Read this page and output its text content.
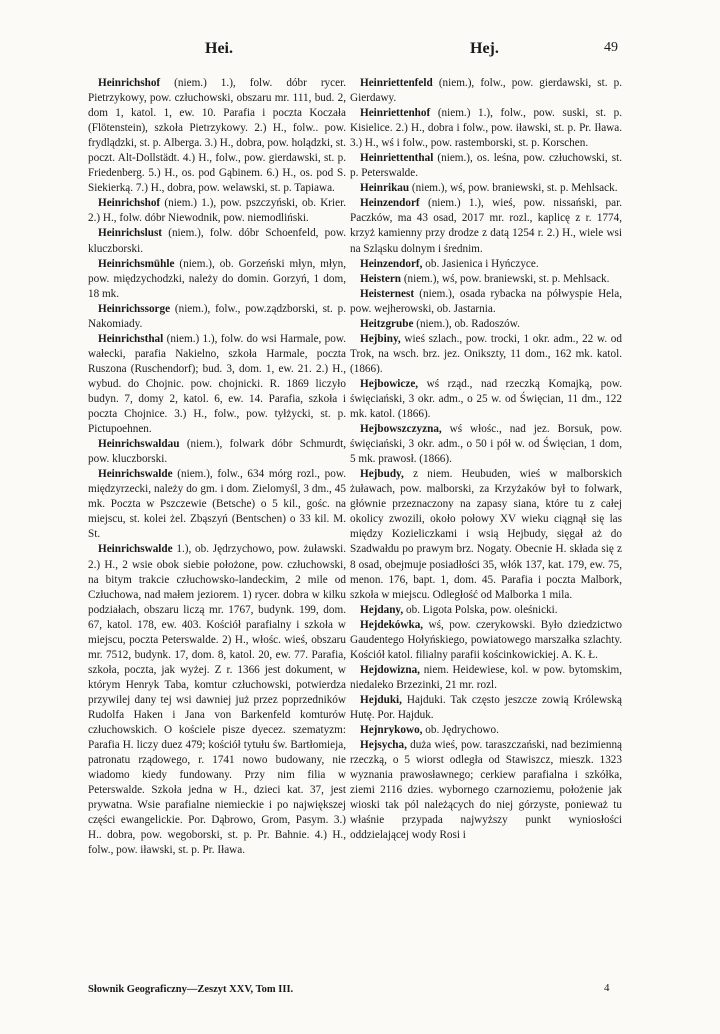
Hei.	Hej.	49

Heinrichshof (niem.) 1.), folw. dóbr rycer. Pietrzykowy, pow. człuchowski, obszaru mr. 111, bud. 2, dom 1, katol. 1, ew. 10. Parafia i poczta Koczała (Flötenstein), szkoła Pietrzykowy. 2.) H., folw.. pow. frydlądzki, st. p. Alberga. 3.) H., dobra, pow. holądzki, st. poczt. Alt-Dollstädt. 4.) H., folw., pow. gierdawski, st. p. Friedenberg. 5.) H., os. pod Gąbinem. 6.) H., os. pod S. Siekierką. 7.) H., dobra, pow. welawski, st. p. Tapiawa.

Heinrichshof (niem.) 1.), pow. pszczyński, ob. Krier. 2.) H., folw. dóbr Niewodnik, pow. niemodliński.

Heinrichslust (niem.), folw. dóbr Schoenfeld, pow. kluczborski.

Heinrichsmühle (niem.), ob. Gorzeński młyn, młyn, pow. międzychodzki, należy do domin. Gorzyń, 1 dom, 18 mk.

Heinrichssorge (niem.), folw., pow.ządzborski, st. p. Nakomiady.

Heinrichsthal (niem.) 1.), folw. do wsi Harmale, pow. wałecki, parafia Nakielno, szkoła Harmale, poczta Ruszona (Ruschendorf); bud. 3, dom. 1, ew. 21. 2.) H., wybud. do Chojnic. pow. chojnicki. R. 1869 liczyło budyn. 7, domy 2, katol. 6, ew. 14. Parafia, szkoła i poczta Chojnice. 3.) H., folw., pow. tyłżycki, st. p. Pictupoehnen.

Heinrichswaldau (niem.), folwark dóbr Schmurdt, pow. kluczborski.

Heinrichswalde (niem.), folw., 634 mórg rozl., pow. międzyrzecki, należy do gm. i dom. Zielomyśl, 3 dm., 45 mk. Poczta w Pszczewie (Betsche) o 5 kil., gośc. na miejscu, st. kolei żel. Zbąszyń (Bentschen) o 33 kil. M. St.

Heinrichswalde 1.), ob. Jędrzychowo, pow. żuławski. 2.) H., 2 wsie obok siebie położone, pow. człuchowski, na bitym trakcie człuchowsko-landeckim, 2 mile od Człuchowa, nad małem jeziorem. 1) rycer. dobra w kilku podziałach, obszaru liczą mr. 1767, budynk. 199, dom. 67, katol. 178, ew. 403. Kościół parafialny i szkoła w miejscu, poczta Peterswalde. 2) H., włośc. wieś, obszaru mr. 7512, budynk. 17, dom. 8, katol. 20, ew. 77. Parafia, szkoła, poczta, jak wyżej. Z r. 1366 jest dokument, w którym Henryk Taba, komtur człuchowski, potwierdza przywilej dany tej wsi dawniej już przez poprzedników Rudolfa Haken i Jana von Barkenfeld komturów człuchowskich. O kościele pisze dyecez. szematyzm: Parafia H. liczy duez 479; kościół tytułu św. Bartłomieja, patronatu rządowego, r. 1741 nowo budowany, nie wiadomo kiedy fundowany. Przy nim filia w Peterswalde. Szkoła jedna w H., dzieci kat. 37, jest prywatna. Wsie parafialne niemieckie i po największej części ewangelickie. Por. Dąbrowo, Grom, Pasym. 3.) H.. dobra, pow. wegoborski, st. p. Pr. Bahnie. 4.) H., folw., pow. iławski, st. p. Pr. Iława.

Heinriettenfeld (niem.), folw., pow. gierdawski, st. p. Gierdawy.

Heinriettenhof (niem.) 1.), folw., pow. suski, st. p. Kisielice. 2.) H., dobra i folw., pow. iławski, st. p. Pr. Iława. 3.) H., wś i folw., pow. rastemborski, st. p. Korschen.

Heinriettenthal (niem.), os. leśna, pow. człuchowski, st. p. Peterswalde.

Heinrikau (niem.), wś, pow. braniewski, st. p. Mehlsack.

Heinzendorf (niem.) 1.), wieś, pow. nissański, par. Paczków, ma 43 osad, 2017 mr. rozl., kaplicę z r. 1774, krzyż kamienny przy drodze z datą 1254 r. 2.) H., wiele wsi na Szląsku dolnym i średnim.

Heinzendorf, ob. Jasienica i Hyńczyce.

Heistern (niem.), wś, pow. braniewski, st. p. Mehlsack.

Heisternest (niem.), osada rybacka na półwyspie Hela, pow. wejherowski, ob. Jastarnia.

Heitzgrube (niem.), ob. Radoszów.

Hejbiny, wieś szlach., pow. trocki, 1 okr. adm., 22 w. od Trok, na wsch. brz. jez. Oniksztу, 11 dom., 162 mk. katol. (1866).

Hejbowicze, wś rząd., nad rzeczką Komajką, pow. święciański, 3 okr. adm., o 25 w. od Święcian, 11 dm., 122 mk. katol. (1866).

Hejbowszczyzna, wś włośc., nad jez. Borsuk, pow. święciański, 3 okr. adm., o 50 i pół w. od Święcian, 1 dom, 5 mk. prawosł. (1866).

Hejbudy, z niem. Heubuden, wieś w malborskich żuławach, pow. malborski, za Krzyżaków był to folwark, głównie przeznaczony na zapasy siana, które tu z całej okolicy zwozili, około połowy XV wieku ciągnął się las między Kozieliczkami i wsią Hejbudy, sięgał aż do Szadwałdu po prawym brz. Nogaty. Obecnie H. składa się z 8 osad, obejmuje posiadłości 35, włók 137, kat. 179, ew. 75, menon. 176, bapt. 1, dom. 45. Parafia i poczta Malbork, szkoła w miejscu. Odległość od Malborka 1 mila.

Hejdany, ob. Ligota Polska, pow. oleśnicki.

Hejdekówka, wś, pow. czerykowski. Było dziedzictwo Gaudentego Hołyńskiego, powiatowego marszałka szlachty. Kościół katol. filialny parafii kościnkowickiej. A. K. Ł.

Hejdowizna, niem. Heidewiese, kol. w pow. bytomskim, niedaleko Brzezinki, 21 mr. rozl.

Hejduki, Hajduki. Tak często jeszcze zowią Królewską Hutę. Por. Hajduk.

Hejnrykowo, ob. Jędrychowo.

Hejsycha, duża wieś, pow. taraszczański, nad bezimienną rzeczką, o 5 wiorst odległa od Stawiszcz, mieszk. 1323 wyznania prawosławnego; cerkiew parafialna i szkółka, ziemi 2116 dzies. wybornego czarnoziemu, położenie jak wioski tak pól należących do niej górzyste, ponieważ tu właśnie przypada najwyższy punkt wyniosłości oddzielającej wody Rosi i

Słownik Geograficzny—Zeszyt XXV, Tom III.	4
